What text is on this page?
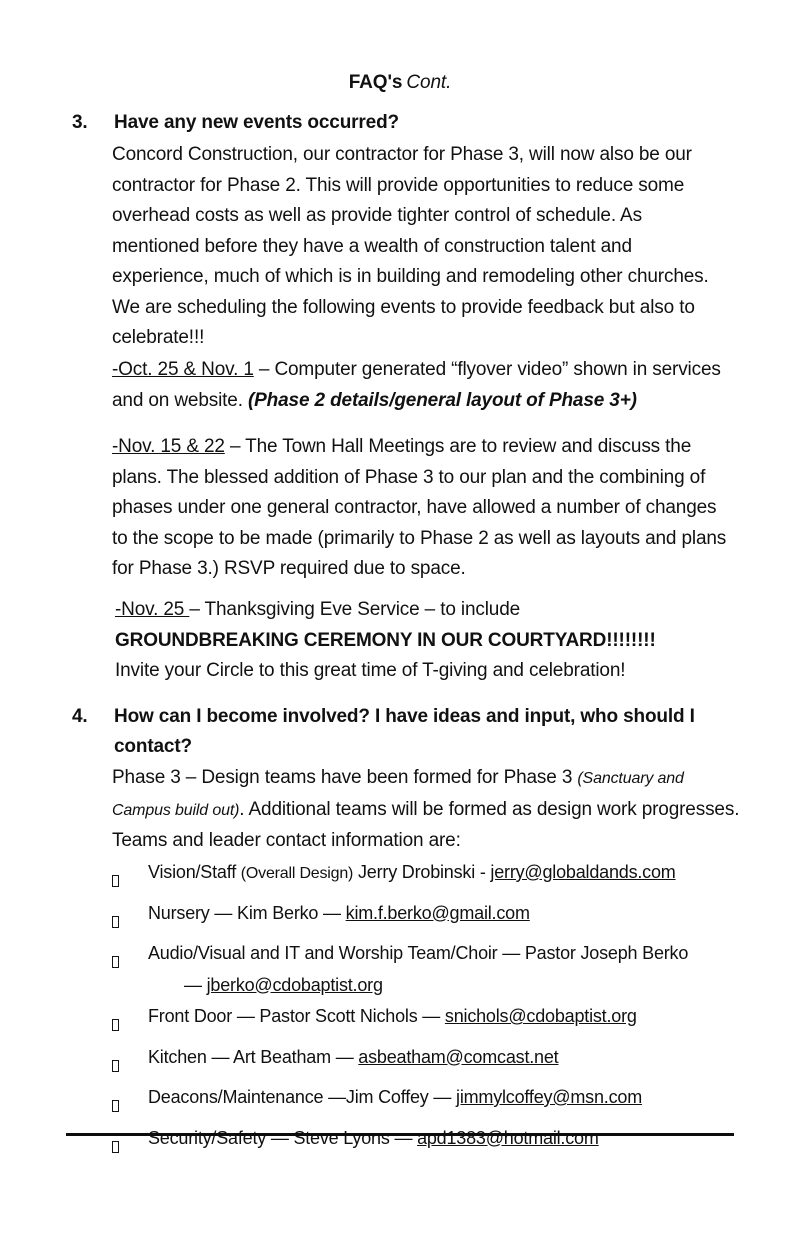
FAQ's Cont.
3.	Have any new events occurred?
Concord Construction, our contractor for Phase 3, will now also be our contractor for Phase 2. This will provide opportunities to reduce some overhead costs as well as provide tighter control of schedule. As mentioned before they have a wealth of construction talent and experience, much of which is in building and remodeling other churches. We are scheduling the following events to provide feedback but also to celebrate!!!
-Oct. 25 & Nov. 1 – Computer generated “flyover video” shown in services and on website. (Phase 2 details/general layout of Phase 3+)
-Nov. 15 & 22 – The Town Hall Meetings are to review and discuss the plans. The blessed addition of Phase 3 to our plan and the combining of phases under one general contractor, have allowed a number of changes to the scope to be made (primarily to Phase 2 as well as layouts and plans for Phase 3.) RSVP required due to space.
-Nov. 25 – Thanksgiving Eve Service – to include
GROUNDBREAKING CEREMONY IN OUR COURTYARD!!!!!!!!
Invite your Circle to this great time of T-giving and celebration!
4.	How can I become involved? I have ideas and input, who should I contact?
Phase 3 – Design teams have been formed for Phase 3 (Sanctuary and Campus build out). Additional teams will be formed as design work progresses. Teams and leader contact information are:
Vision/Staff (Overall Design) Jerry Drobinski - jerry@globaldands.com
Nursery — Kim Berko — kim.f.berko@gmail.com
Audio/Visual and IT and Worship Team/Choir — Pastor Joseph Berko
— jberko@cdobaptist.org
Front Door — Pastor Scott Nichols — snichols@cdobaptist.org
Kitchen — Art Beatham — asbeatham@comcast.net
Deacons/Maintenance —Jim Coffey — jimmylcoffey@msn.com
Security/Safety — Steve Lyons — apd1383@hotmail.com
